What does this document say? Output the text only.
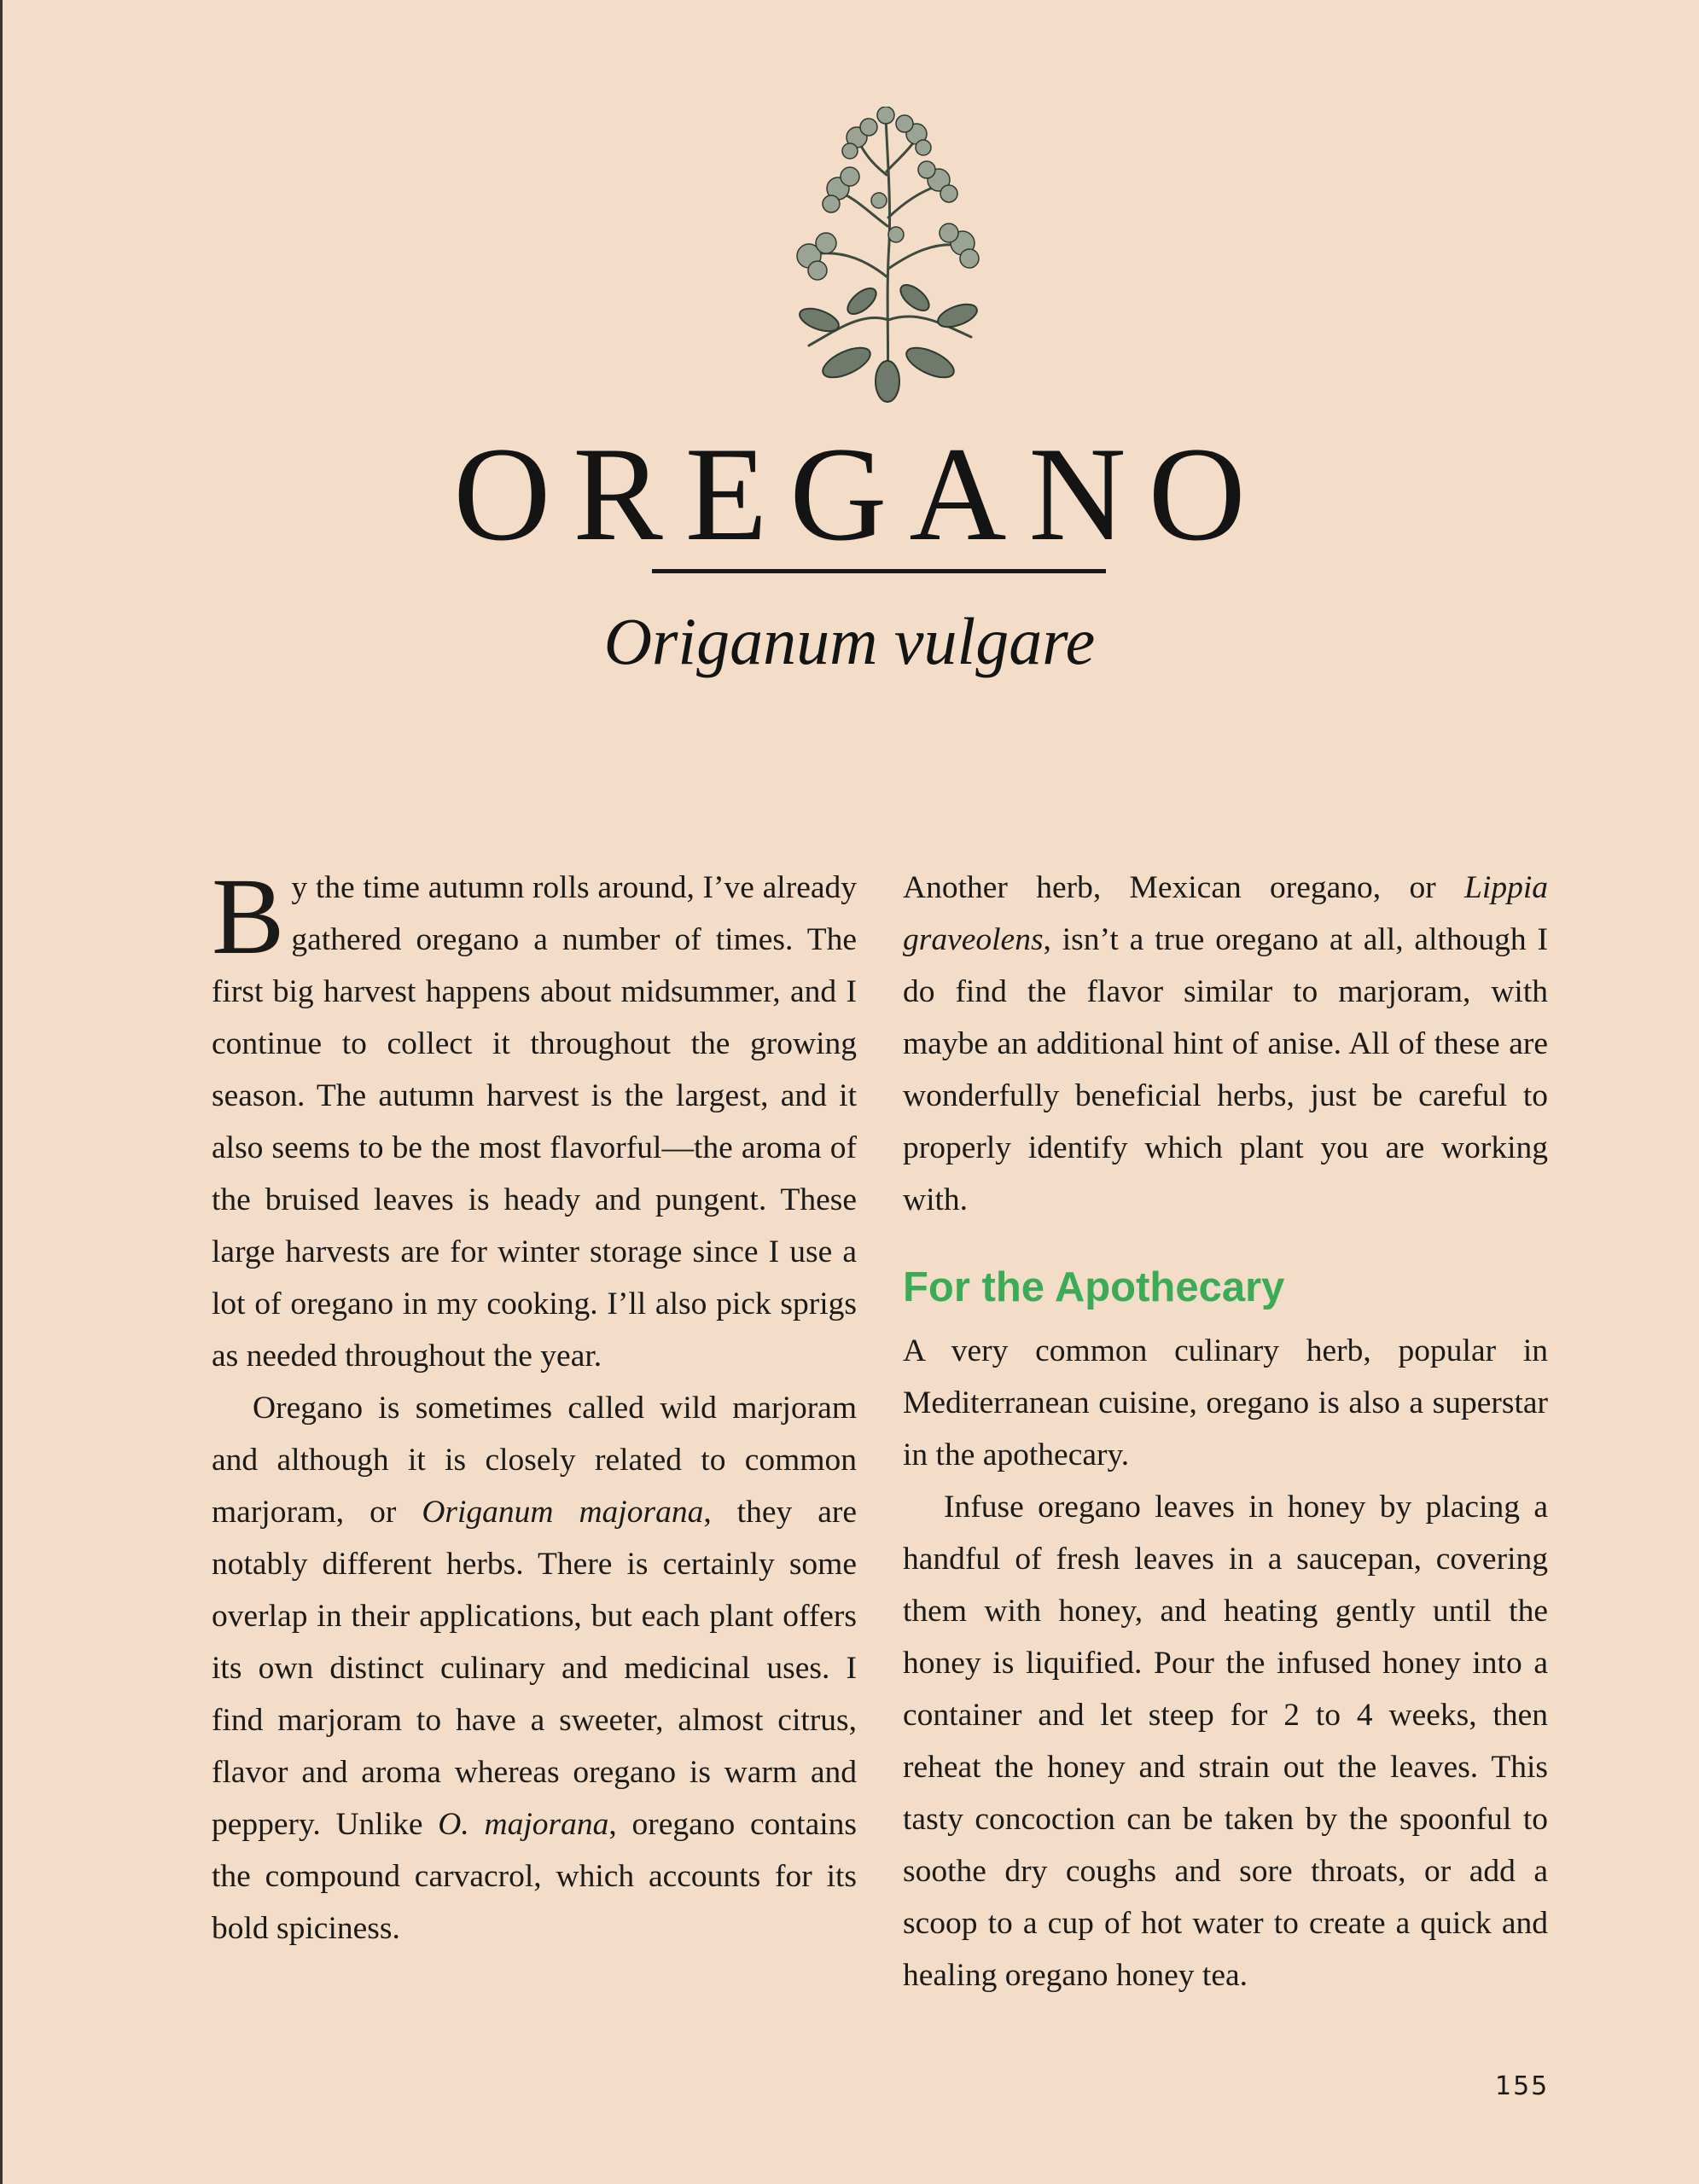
OREGANO
Origanum vulgare

By the time autumn rolls around, I’ve already gathered oregano a number of times. The first big harvest happens about midsummer, and I continue to collect it throughout the growing season. The autumn harvest is the largest, and it also seems to be the most flavorful—the aroma of the bruised leaves is heady and pungent. These large harvests are for winter storage since I use a lot of oregano in my cooking. I’ll also pick sprigs as needed throughout the year.

Oregano is sometimes called wild marjoram and although it is closely related to common marjoram, or Origanum majorana, they are notably different herbs. There is certainly some overlap in their applications, but each plant offers its own distinct culinary and medicinal uses. I find marjoram to have a sweeter, almost citrus, flavor and aroma whereas oregano is warm and peppery. Unlike O. majorana, oregano contains the compound carvacrol, which accounts for its bold spiciness.

Another herb, Mexican oregano, or Lippia graveolens, isn’t a true oregano at all, although I do find the flavor similar to marjoram, with maybe an additional hint of anise. All of these are wonderfully beneficial herbs, just be careful to properly identify which plant you are working with.

For the Apothecary

A very common culinary herb, popular in Mediterranean cuisine, oregano is also a superstar in the apothecary.

Infuse oregano leaves in honey by placing a handful of fresh leaves in a saucepan, covering them with honey, and heating gently until the honey is liquified. Pour the infused honey into a container and let steep for 2 to 4 weeks, then reheat the honey and strain out the leaves. This tasty concoction can be taken by the spoonful to soothe dry coughs and sore throats, or add a scoop to a cup of hot water to create a quick and healing oregano honey tea.

155
